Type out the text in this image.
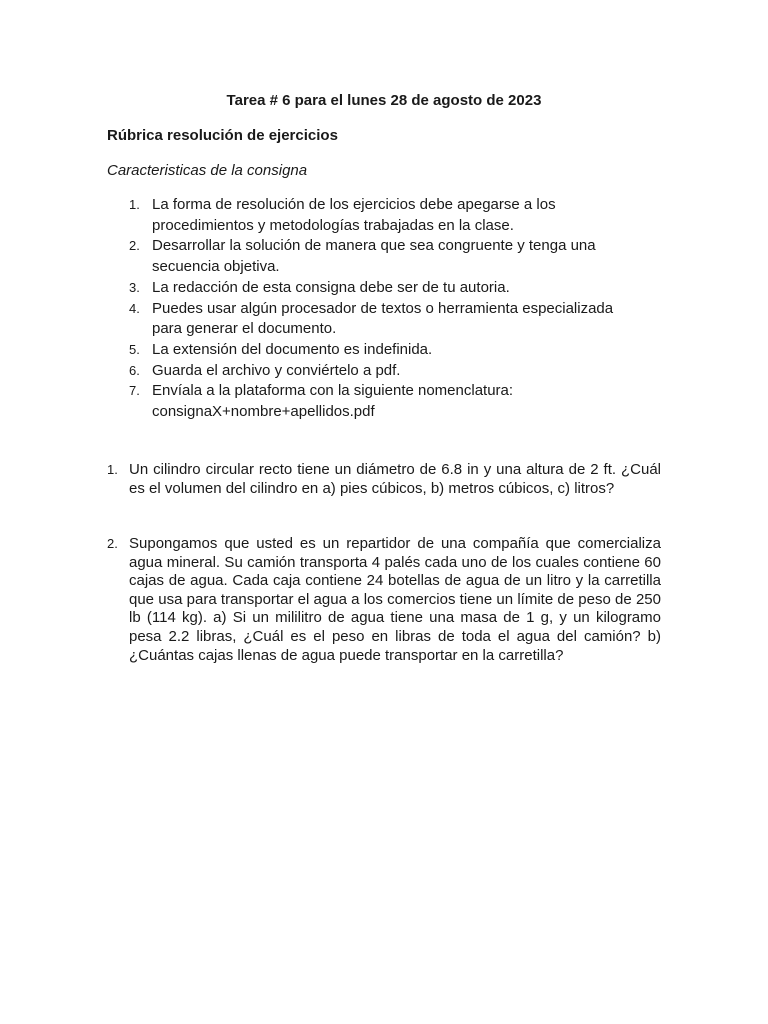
Tarea # 6 para el lunes 28 de agosto de 2023
Rúbrica resolución de ejercicios
Caracteristicas de la consigna
1. La forma de resolución de los ejercicios debe apegarse a los procedimientos y metodologías trabajadas en la clase.
2. Desarrollar la solución de manera que sea congruente y tenga una secuencia objetiva.
3. La redacción de esta consigna debe ser de tu autoria.
4. Puedes usar algún procesador de textos o herramienta especializada para generar el documento.
5. La extensión del documento es indefinida.
6. Guarda el archivo y conviértelo a pdf.
7. Envíala a la plataforma con la siguiente nomenclatura: consignaX+nombre+apellidos.pdf
1. Un cilindro circular recto tiene un diámetro de 6.8 in y una altura de 2 ft. ¿Cuál es el volumen del cilindro en a) pies cúbicos, b) metros cúbicos, c) litros?
2. Supongamos que usted es un repartidor de una compañía que comercializa agua mineral. Su camión transporta 4 palés cada uno de los cuales contiene 60 cajas de agua. Cada caja contiene 24 botellas de agua de un litro y la carretilla que usa para transportar el agua a los comercios tiene un límite de peso de 250 lb (114 kg). a) Si un mililitro de agua tiene una masa de 1 g, y un kilogramo pesa 2.2 libras, ¿Cuál es el peso en libras de toda el agua del camión? b) ¿Cuántas cajas llenas de agua puede transportar en la carretilla?
